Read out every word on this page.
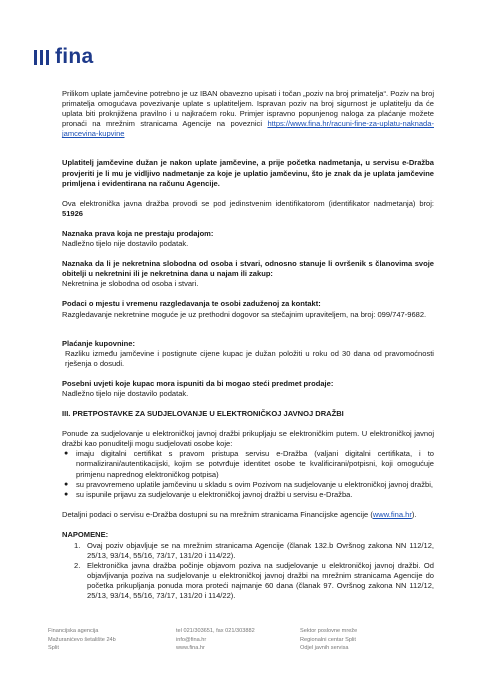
fina

Prilikom uplate jamčevine potrebno je uz IBAN obavezno upisati i točan „poziv na broj primatelja“. Poziv na broj primatelja omogućava povezivanje uplate s uplatiteljem. Ispravan poziv na broj sigurnost je uplatitelju da će uplata biti proknjižena pravilno i u najkraćem roku. Primjer ispravno popunjenog naloga za plaćanje možete pronaći na mrežnim stranicama Agencije na poveznici https://www.fina.hr/racuni-fine-za-uplatu-naknada-jamcevina-kupvine

Uplatitelj jamčevine dužan je nakon uplate jamčevine, a prije početka nadmetanja, u servisu e-Dražba provjeriti je li mu je vidljivo nadmetanje za koje je uplatio jamčevinu, što je znak da je uplata jamčevine primljena i evidentirana na računu Agencije.

Ova elektronička javna dražba provodi se pod jedinstvenim identifikatorom (identifikator nadmetanja) broj: 51926

Naznaka prava koja ne prestaju prodajom:

Nadležno tijelo nije dostavilo podatak.

Naznaka da li je nekretnina slobodna od osoba i stvari, odnosno stanuje li ovršenik s članovima svoje obitelji u nekretnini ili je nekretnina dana u najam ili zakup:

Nekretnina je slobodna od osoba i stvari.

Podaci o mjestu i vremenu razgledavanja te osobi zaduženoj za kontakt:

Razgledavanje nekretnine moguće je uz prethodni dogovor sa stečajnim upraviteljem, na broj: 099/747-9682.

Plaćanje kupovnine:

Razliku između jamčevine i postignute cijene kupac je dužan položiti u roku od 30 dana od pravomoćnosti rješenja o dosudi.

Posebni uvjeti koje kupac mora ispuniti da bi mogao steći predmet prodaje:

Nadležno tijelo nije dostavilo podatak.

III. PRETPOSTAVKE ZA SUDJELOVANJE U ELEKTRONIČKOJ JAVNOJ DRAŽBI

Ponude za sudjelovanje u elektroničkoj javnoj dražbi prikupljaju se elektroničkim putem. U elektroničkoj javnoj dražbi kao ponuditelji mogu sudjelovati osobe koje:

● imaju digitalni certifikat s pravom pristupa servisu e-Dražba (valjani digitalni certifikata, i to normalizirani/autentikacijski, kojim se potvrđuje identitet osobe te kvalificirani/potpisni, koji omogućuje primjenu naprednog elektroničkog potpisa)
● su pravovremeno uplatile jamčevinu u skladu s ovim Pozivom na sudjelovanje u elektroničkoj javnoj dražbi,
● su ispunile prijavu za sudjelovanje u elektroničkoj javnoj dražbi u servisu e-Dražba.

Detaljni podaci o servisu e-Dražba dostupni su na mrežnim stranicama Financijske agencije (www.fina.hr).

NAPOMENE:

1. Ovaj poziv objavljuje se na mrežnim stranicama Agencije (članak 132.b Ovršnog zakona NN 112/12, 25/13, 93/14, 55/16, 73/17, 131/20 i 114/22).
2. Elektronička javna dražba počinje objavom poziva na sudjelovanje u elektroničkoj javnoj dražbi. Od objavljivanja poziva na sudjelovanje u elektroničkoj javnoj dražbi na mrežnim stranicama Agencije do početka prikupljanja ponuda mora proteći najmanje 60 dana (članak 97. Ovršnog zakona NN 112/12, 25/13, 93/14, 55/16, 73/17, 131/20 i 114/22).
Financijska agencija
Mažuranićevo šetalište 24b
Split
tel 021/303651, fax 021/303882
info@fina.hr
www.fina.hr
Sektor poslovne mreže
Regionalni centar Split
Odjel javnih servisa
